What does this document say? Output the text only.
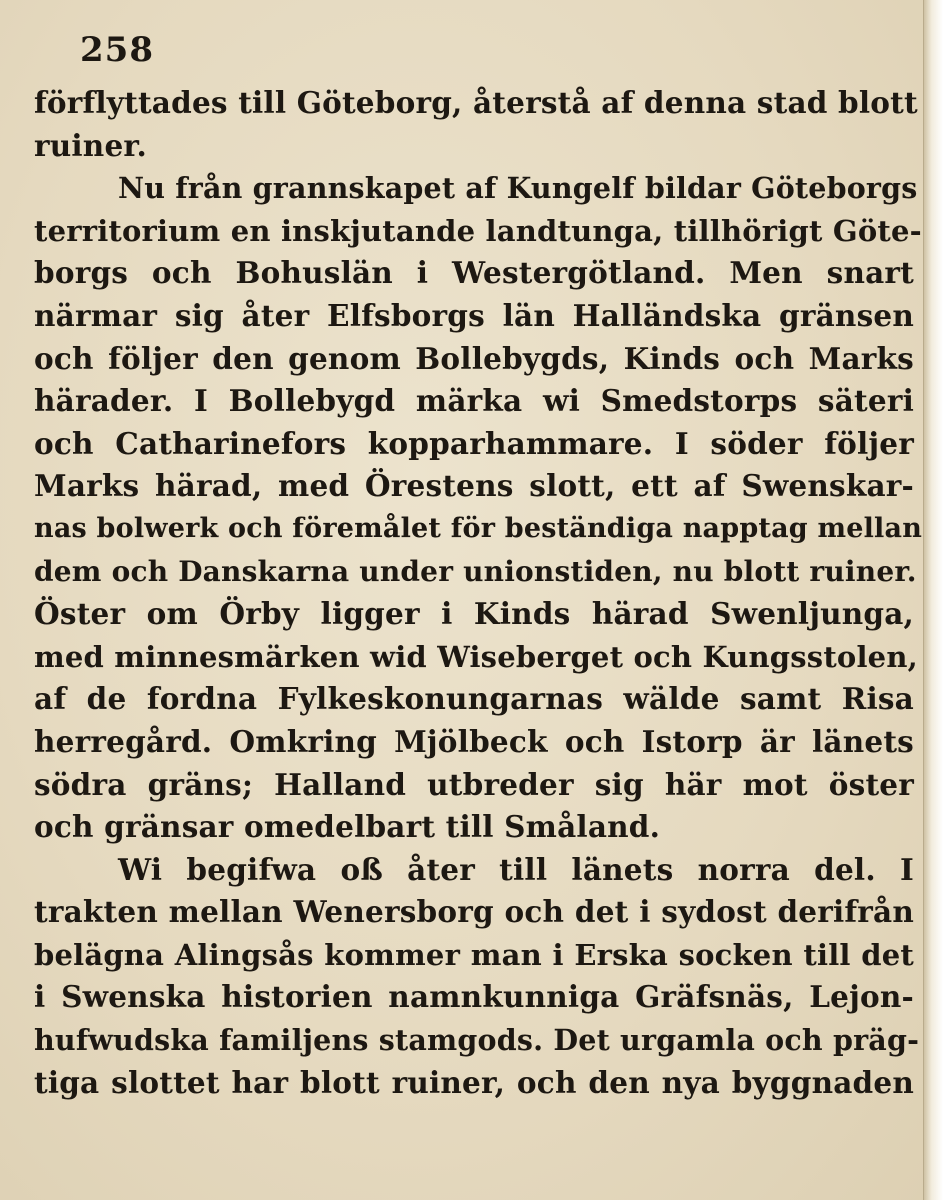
258
förflyttades till Göteborg, återstå af denna stad blott
ruiner.
Nu från grannskapet af Kungelf bildar Göteborgs
territorium en inskjutande landtunga, tillhörigt Göte-
borgs och Bohuslän i Westergötland. Men snart
närmar sig åter Elfsborgs län Halländska gränsen
och följer den genom Bollebygds, Kinds och Marks
härader. I Bollebygd märka wi Smedstorps säteri
och Catharinefors kopparhammare. I söder följer
Marks härad, med Örestens slott, ett af Swenskar-
nas bolwerk och föremålet för beständiga napptag mellan
dem och Danskarna under unionstiden, nu blott ruiner.
Öster om Örby ligger i Kinds härad Swenljunga,
med minnesmärken wid Wiseberget och Kungsstolen,
af de fordna Fylkeskonungarnas wälde samt Risa
herregård. Omkring Mjölbeck och Istorp är länets
södra gräns; Halland utbreder sig här mot öster
och gränsar omedelbart till Småland.
Wi begifwa oß åter till länets norra del. I
trakten mellan Wenersborg och det i sydost derifrån
belägna Alingsås kommer man i Erska socken till det
i Swenska historien namnkunniga Gräfsnäs, Lejon-
hufwudska familjens stamgods. Det urgamla och präg-
tiga slottet har blott ruiner, och den nya byggnaden
